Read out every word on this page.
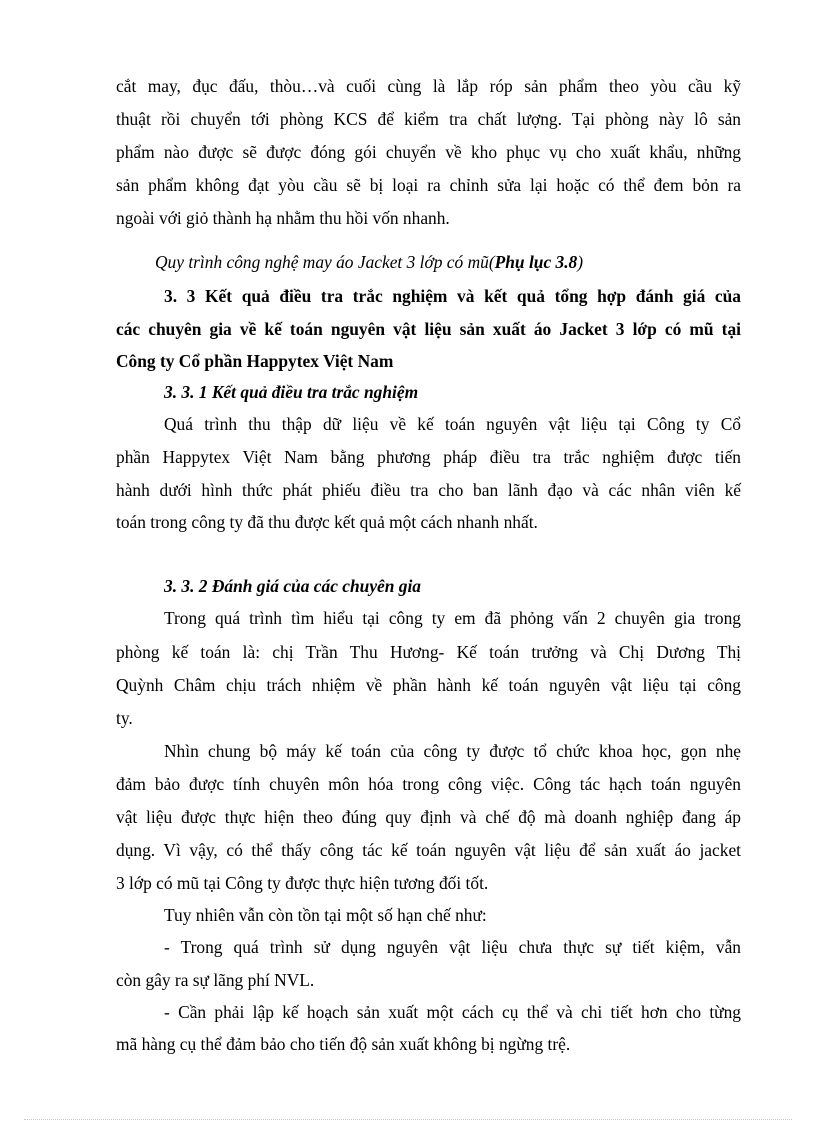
cắt may, đục đấu, thòu…và cuối cùng là lắp róp sản phẩm theo yòu cầu kỹ
thuật rồi chuyển tới phòng KCS để kiểm tra chất lượng. Tại phòng này lô sản
phẩm nào được sẽ được đóng gói chuyển về kho phục vụ cho xuất khẩu, những
sản phẩm không đạt yòu cầu sẽ bị loại ra chỉnh sửa lại hoặc có thể đem bỏn ra
ngoài với giỏ thành hạ nhằm thu hồi vốn nhanh.
Quy trình công nghệ may áo Jacket 3 lớp có mũ(Phụ lục 3.8)
3. 3 Kết quả điều tra trắc nghiệm và kết quả tổng hợp đánh giá của
các chuyên gia về kế toán nguyên vật liệu sản xuất áo Jacket 3 lớp có mũ tại
Công ty Cổ phần Happytex Việt Nam
3. 3. 1 Kết quả điều tra trắc nghiệm
Quá trình thu thập dữ liệu về kế toán nguyên vật liệu tại Công ty Cổ
phần Happytex Việt Nam bằng phương pháp điều tra trắc nghiệm được tiến
hành dưới hình thức phát phiếu điều tra cho ban lãnh đạo và các nhân viên kế
toán trong công ty đã thu được kết quả một cách nhanh nhất.
3. 3. 2 Đánh giá của các chuyên gia
Trong quá trình tìm hiểu tại công ty em đã phỏng vấn 2 chuyên gia trong
phòng kế toán là: chị Trần Thu Hương- Kế toán trưởng và Chị Dương Thị
Quỳnh Châm chịu trách nhiệm về phần hành kế toán nguyên vật liệu tại công
ty.
Nhìn chung bộ máy kế toán của công ty được tổ chức khoa học, gọn nhẹ
đảm bảo được tính chuyên môn hóa trong công việc. Công tác hạch toán nguyên
vật liệu được thực hiện theo đúng quy định và chế độ mà doanh nghiệp đang áp
dụng. Vì vậy, có thể thấy công tác kế toán nguyên vật liệu để sản xuất áo jacket
3 lớp có mũ tại Công ty được thực hiện tương đối tốt.
Tuy nhiên vẫn còn tồn tại một số hạn chế như:
- Trong quá trình sử dụng nguyên vật liệu chưa thực sự tiết kiệm, vẫn
còn gây ra sự lãng phí NVL.
- Cần phải lập kế hoạch sản xuất một cách cụ thể và chi tiết hơn cho từng
mã hàng cụ thể đảm bảo cho tiến độ sản xuất không bị ngừng trệ.
